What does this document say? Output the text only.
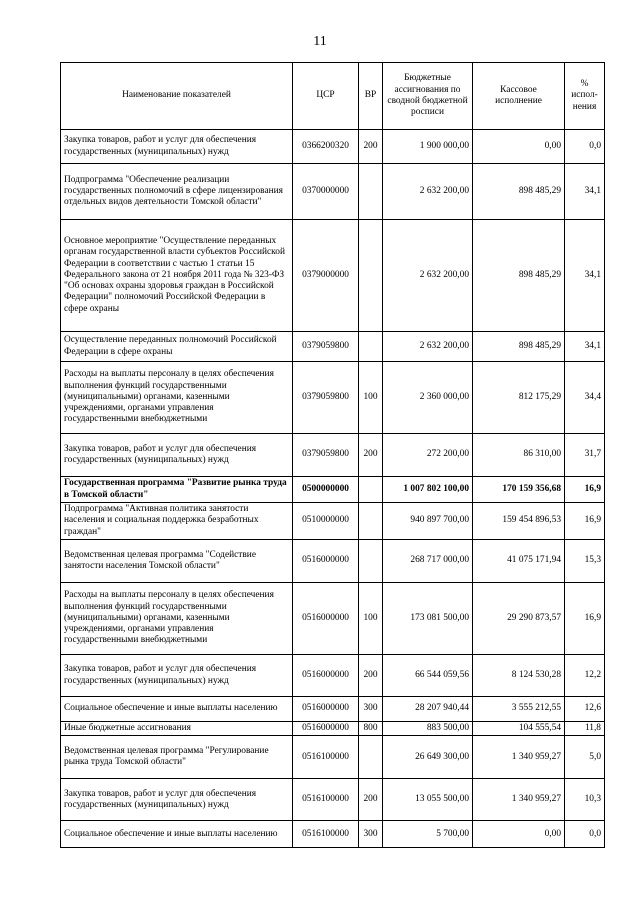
11
Наименование показателей	ЦСР	ВР	Бюджетные ассигнования по сводной бюджетной росписи	Кассовое исполнение	% испол-нения
Закупка товаров, работ и услуг для обеспечения государственных (муниципальных) нужд	0366200320	200	1 900 000,00	0,00	0,0
Подпрограмма "Обеспечение реализации государственных полномочий в сфере лицензирования отдельных видов деятельности Томской области"	0370000000		2 632 200,00	898 485,29	34,1
Основное мероприятие "Осуществление переданных органам государственной власти субъектов Российской Федерации в соответствии с частью 1 статьи 15 Федерального закона от 21 ноября 2011 года № 323-ФЗ "Об основах охраны здоровья граждан в Российской Федерации" полномочий Российской Федерации в сфере охраны	0379000000		2 632 200,00	898 485,29	34,1
Осуществление переданных полномочий Российской Федерации в сфере охраны	0379059800		2 632 200,00	898 485,29	34,1
Расходы на выплаты персоналу в целях обеспечения выполнения функций государственными (муниципальными) органами, казенными учреждениями, органами управления государственными внебюджетными	0379059800	100	2 360 000,00	812 175,29	34,4
Закупка товаров, работ и услуг для обеспечения государственных (муниципальных) нужд	0379059800	200	272 200,00	86 310,00	31,7
Государственная программа "Развитие рынка труда в Томской области"	0500000000		1 007 802 100,00	170 159 356,68	16,9
Подпрограмма "Активная политика занятости населения и социальная поддержка безработных граждан"	0510000000		940 897 700,00	159 454 896,53	16,9
Ведомственная целевая программа "Содействие занятости населения Томской области"	0516000000		268 717 000,00	41 075 171,94	15,3
Расходы на выплаты персоналу в целях обеспечения выполнения функций государственными (муниципальными) органами, казенными учреждениями, органами управления государственными внебюджетными	0516000000	100	173 081 500,00	29 290 873,57	16,9
Закупка товаров, работ и услуг для обеспечения государственных (муниципальных) нужд	0516000000	200	66 544 059,56	8 124 530,28	12,2
Социальное обеспечение и иные выплаты населению	0516000000	300	28 207 940,44	3 555 212,55	12,6
Иные бюджетные ассигнования	0516000000	800	883 500,00	104 555,54	11,8
Ведомственная целевая программа "Регулирование рынка труда Томской области"	0516100000		26 649 300,00	1 340 959,27	5,0
Закупка товаров, работ и услуг для обеспечения государственных (муниципальных) нужд	0516100000	200	13 055 500,00	1 340 959,27	10,3
Социальное обеспечение и иные выплаты населению	0516100000	300	5 700,00	0,00	0,0
